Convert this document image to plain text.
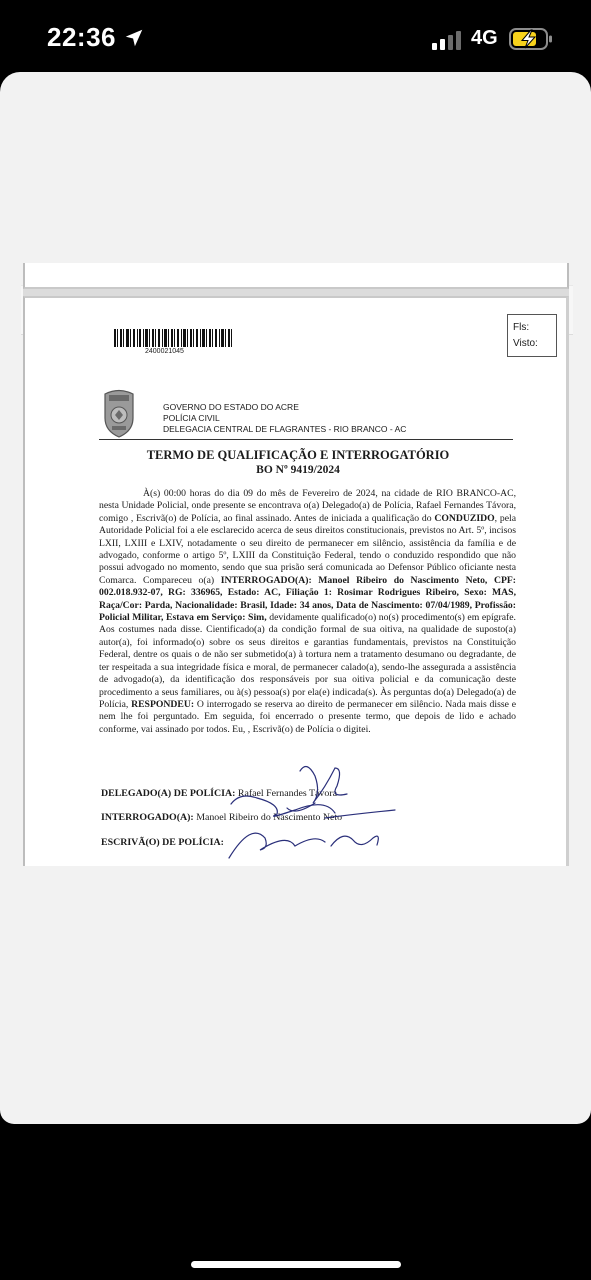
22:36	4G
2400021045
Fls:
Visto:
GOVERNO DO ESTADO DO ACRE
POLÍCIA CIVIL
DELEGACIA CENTRAL DE FLAGRANTES - RIO BRANCO - AC
TERMO DE QUALIFICAÇÃO E INTERROGATÓRIO
BO Nº 9419/2024

À(s) 00:00 horas do dia 09 do mês de Fevereiro de 2024, na cidade de RIO BRANCO-AC, nesta Unidade Policial, onde presente se encontrava o(a) Delegado(a) de Polícia, Rafael Fernandes Távora, comigo , Escrivã(o) de Polícia, ao final assinado. Antes de iniciada a qualificação do CONDUZIDO, pela Autoridade Policial foi a ele esclarecido acerca de seus direitos constitucionais, previstos no Art. 5º, incisos LXII, LXIII e LXIV, notadamente o seu direito de permanecer em silêncio, assistência da família e de advogado, conforme o artigo 5º, LXIII da Constituição Federal, tendo o conduzido respondido que não possui advogado no momento, sendo que sua prisão será comunicada ao Defensor Público oficiante nesta Comarca. Compareceu o(a) INTERROGADO(A): Manoel Ribeiro do Nascimento Neto, CPF: 002.018.932-07, RG: 336965, Estado: AC, Filiação 1: Rosimar Rodrigues Ribeiro, Sexo: MAS, Raça/Cor: Parda, Nacionalidade: Brasil, Idade: 34 anos, Data de Nascimento: 07/04/1989, Profissão: Policial Militar, Estava em Serviço: Sim, devidamente qualificado(o) no(s) procedimento(s) em epígrafe. Aos costumes nada disse. Cientificado(a) da condição formal de sua oitiva, na qualidade de suposto(a) autor(a), foi informado(o) sobre os seus direitos e garantias fundamentais, previstos na Constituição Federal, dentre os quais o de não ser submetido(a) à tortura nem a tratamento desumano ou degradante, de ter respeitada a sua integridade física e moral, de permanecer calado(a), sendo-lhe assegurada a assistência de advogado(a), da identificação dos responsáveis por sua oitiva policial e da comunicação deste procedimento a seus familiares, ou à(s) pessoa(s) por ela(e) indicada(s). Às perguntas do(a) Delegado(a) de Polícia, RESPONDEU: O interrogado se reserva ao direito de permanecer em silêncio. Nada mais disse e nem lhe foi perguntado. Em seguida, foi encerrado o presente termo, que depois de lido e achado conforme, vai assinado por todos. Eu, , Escrivã(o) de Polícia o digitei.

DELEGADO(A) DE POLÍCIA: Rafael Fernandes Távora
INTERROGADO(A): Manoel Ribeiro do Nascimento Neto
ESCRIVÃ(O) DE POLÍCIA:
